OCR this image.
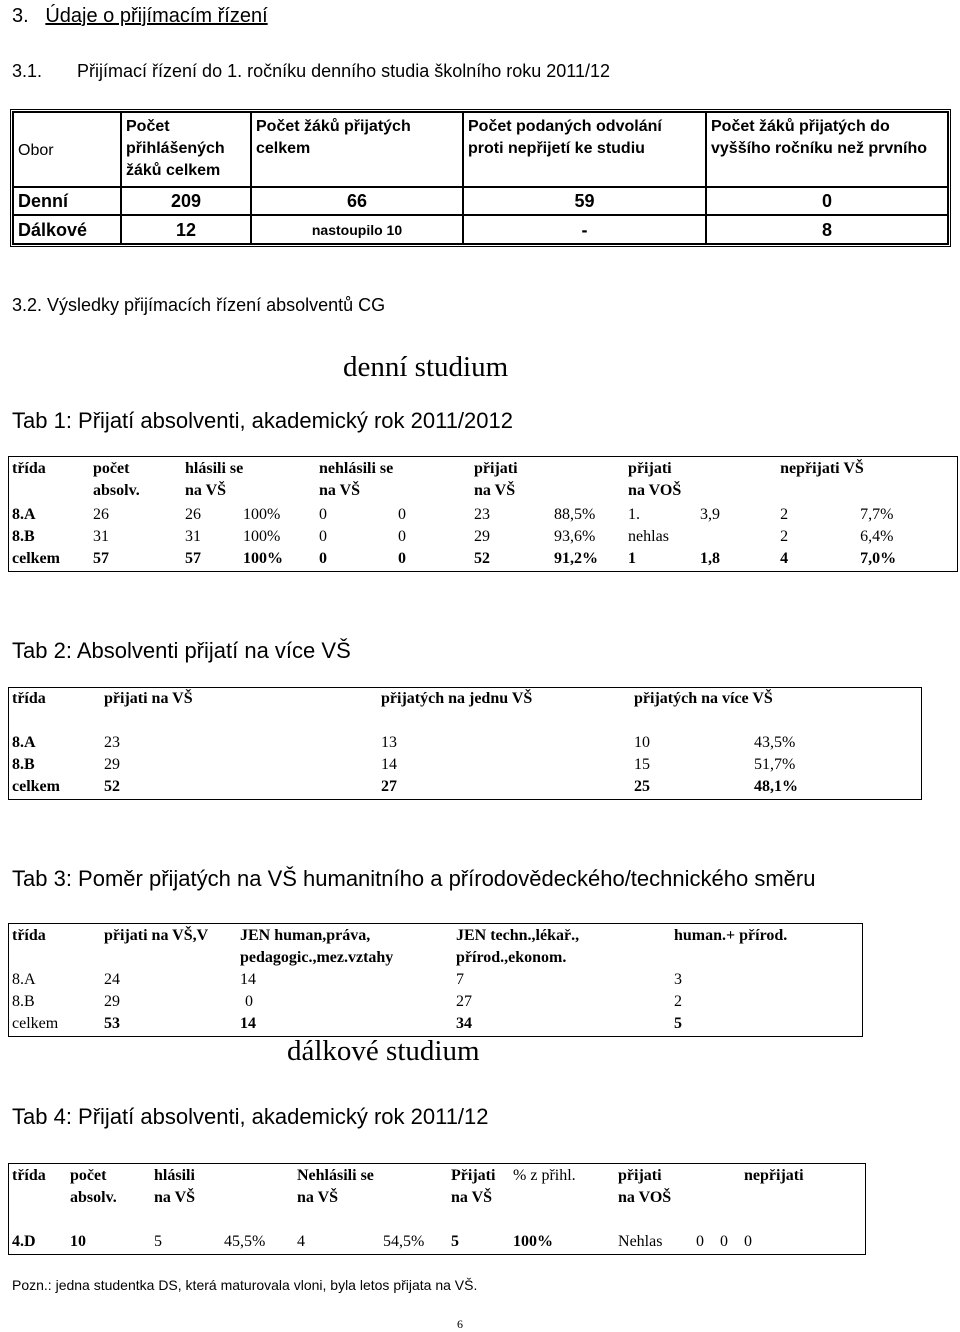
3. Údaje o přijímacím řízení
3.1.       Přijímací řízení do 1. ročníku denního studia školního roku 2011/12
Obor	Počet přihlášených žáků celkem	Počet žáků přijatých celkem	Počet podaných odvolání proti nepřijetí ke studiu	Počet žáků přijatých do vyššího ročníku než prvního
Denní	209	66	59	0
Dálkové	12	nastoupilo 10	-	8
3.2. Výsledky přijímacích řízení absolventů CG
denní studium
Tab 1: Přijatí absolventi, akademický rok 2011/2012
třída	počet absolv.	hlásili se na VŠ		nehlásili se na VŠ		přijati na VŠ		přijati na VOŠ		nepřijati VŠ	
8.A	26	26	100%	0	0	23	88,5%	1.	3,9	2	7,7%
8.B	31	31	100%	0	0	29	93,6%	nehlas		2	6,4%
celkem	57	57	100%	0	0	52	91,2%	1	1,8	4	7,0%
Tab 2: Absolventi přijatí na více VŠ
třída	přijati na VŠ	přijatých na jednu VŠ	přijatých na více VŠ	
8.A	23	13	10	43,5%
8.B	29	14	15	51,7%
celkem	52	27	25	48,1%
Tab 3: Poměr přijatých na VŠ humanitního a přírodovědeckého/technického směru
třída	přijati na VŠ,V	JEN human,práva, pedagogic.,mez.vztahy	JEN techn.,lékař., přírod.,ekonom.	human.+ přírod.
8.A	24	14	7	3
8.B	29	0	27	2
celkem	53	14	34	5
dálkové studium
Tab 4: Přijatí absolventi, akademický rok 2011/12
třída	počet absolv.	hlásili na VŠ		Nehlásili se na VŠ		Přijati na VŠ	% z přihl.	přijati na VOŠ			nepřijati
4.D	10	5	45,5%	4	54,5%	5	100%	Nehlas	0	0	0
Pozn.: jedna studentka DS, která maturovala vloni, byla letos přijata na VŠ.
6
